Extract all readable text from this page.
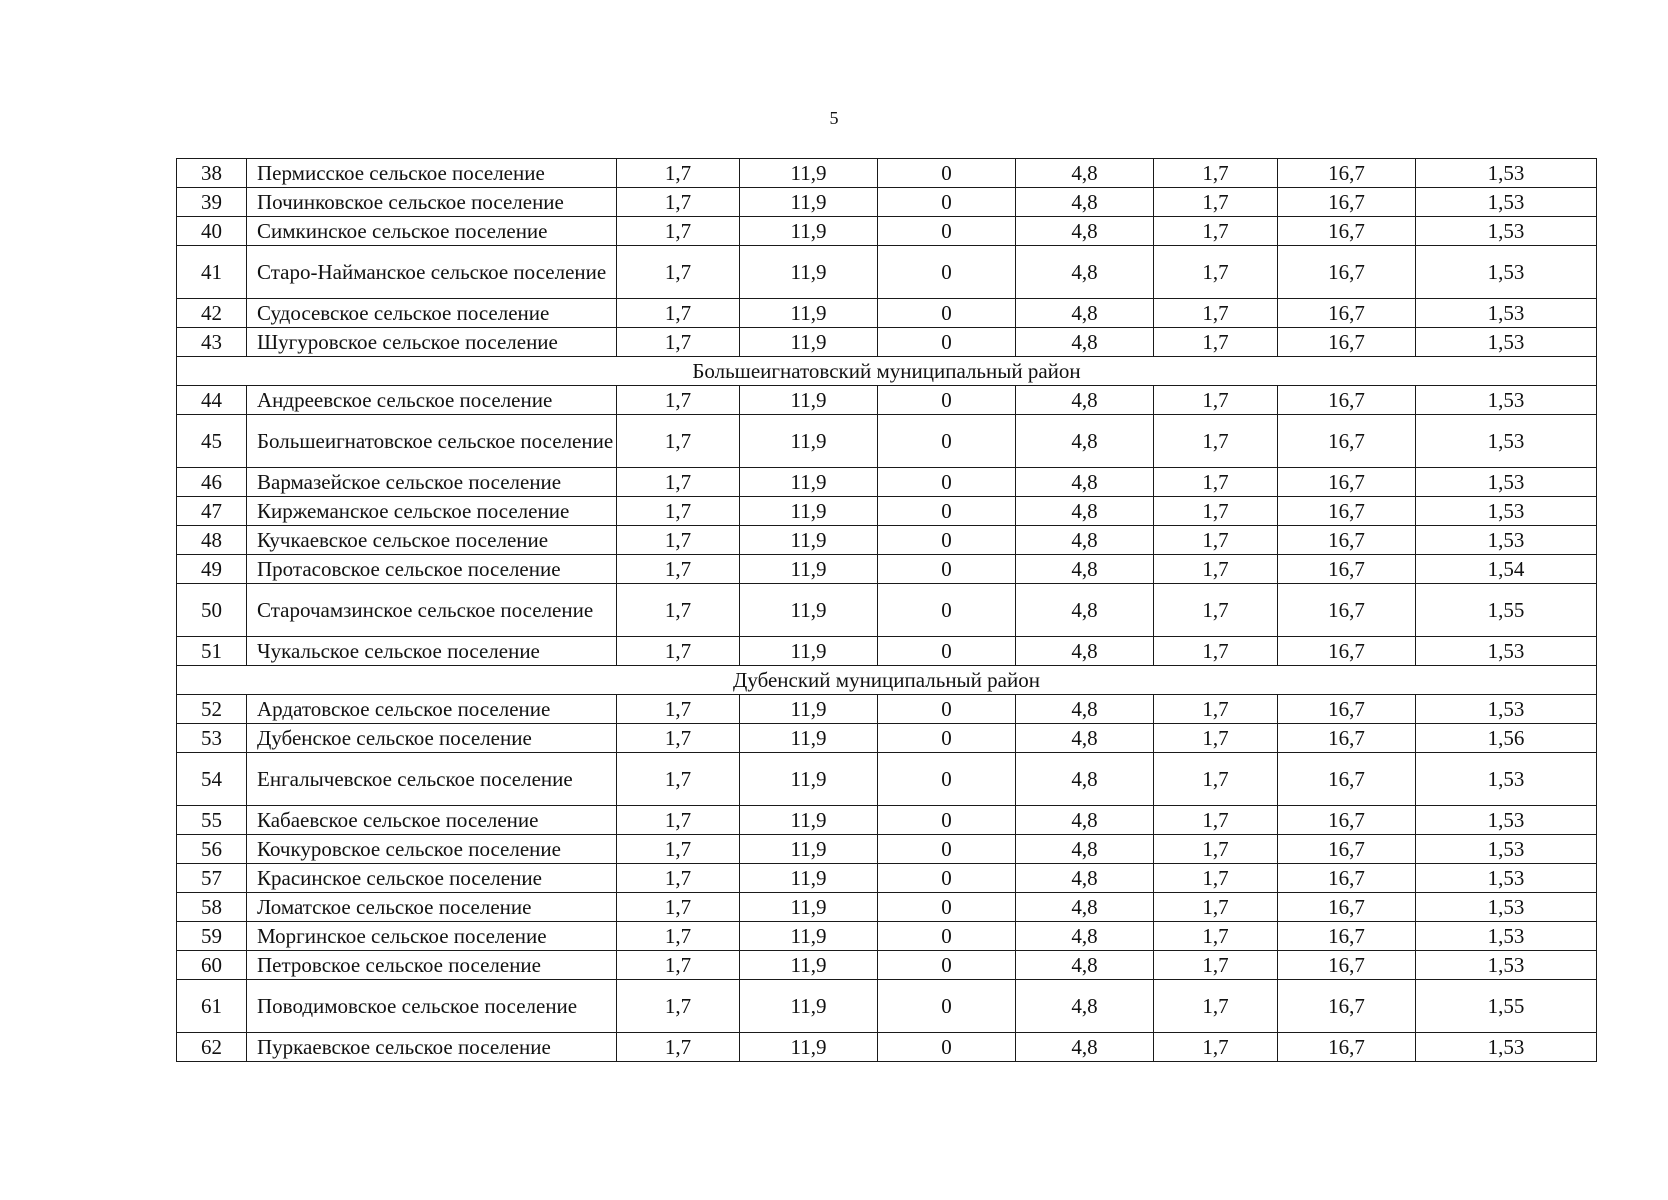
5
38	Пермисское сельское поселение	1,7	11,9	0	4,8	1,7	16,7	1,53
39	Починковское сельское поселение	1,7	11,9	0	4,8	1,7	16,7	1,53
40	Симкинское сельское поселение	1,7	11,9	0	4,8	1,7	16,7	1,53
41	Старо-Найманское сельское поселение	1,7	11,9	0	4,8	1,7	16,7	1,53
42	Судосевское сельское поселение	1,7	11,9	0	4,8	1,7	16,7	1,53
43	Шугуровское сельское поселение	1,7	11,9	0	4,8	1,7	16,7	1,53
Большеигнатовский муниципальный район								
44	Андреевское сельское поселение	1,7	11,9	0	4,8	1,7	16,7	1,53
45	Большеигнатовское сельское поселение	1,7	11,9	0	4,8	1,7	16,7	1,53
46	Вармазейское сельское поселение	1,7	11,9	0	4,8	1,7	16,7	1,53
47	Киржеманское сельское поселение	1,7	11,9	0	4,8	1,7	16,7	1,53
48	Кучкаевское сельское поселение	1,7	11,9	0	4,8	1,7	16,7	1,53
49	Протасовское сельское поселение	1,7	11,9	0	4,8	1,7	16,7	1,54
50	Старочамзинское сельское поселение	1,7	11,9	0	4,8	1,7	16,7	1,55
51	Чукальское сельское поселение	1,7	11,9	0	4,8	1,7	16,7	1,53
Дубенский муниципальный район								
52	Ардатовское сельское поселение	1,7	11,9	0	4,8	1,7	16,7	1,53
53	Дубенское сельское поселение	1,7	11,9	0	4,8	1,7	16,7	1,56
54	Енгалычевское сельское поселение	1,7	11,9	0	4,8	1,7	16,7	1,53
55	Кабаевское сельское поселение	1,7	11,9	0	4,8	1,7	16,7	1,53
56	Кочкуровское сельское поселение	1,7	11,9	0	4,8	1,7	16,7	1,53
57	Красинское сельское поселение	1,7	11,9	0	4,8	1,7	16,7	1,53
58	Ломатское сельское поселение	1,7	11,9	0	4,8	1,7	16,7	1,53
59	Моргинское сельское поселение	1,7	11,9	0	4,8	1,7	16,7	1,53
60	Петровское сельское поселение	1,7	11,9	0	4,8	1,7	16,7	1,53
61	Поводимовское сельское поселение	1,7	11,9	0	4,8	1,7	16,7	1,55
62	Пуркаевское сельское поселение	1,7	11,9	0	4,8	1,7	16,7	1,53
